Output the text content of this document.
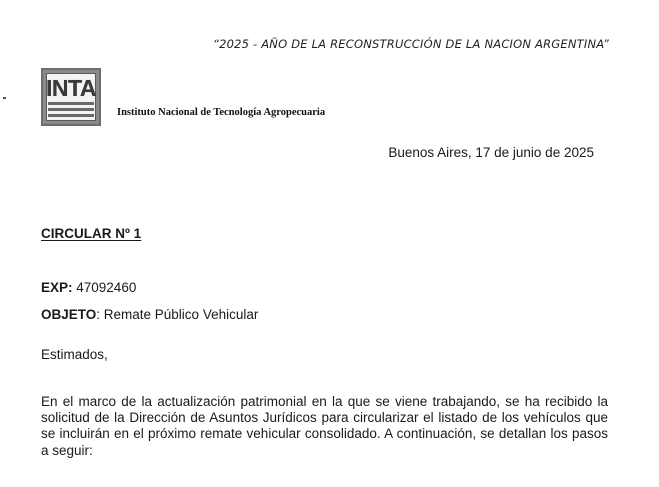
“2025 - AÑO DE LA RECONSTRUCCIÓN DE LA NACION ARGENTINA”
INTA
Instituto Nacional de Tecnología Agropecuaria
Buenos Aires, 17 de junio de 2025
CIRCULAR Nº 1
EXP: 47092460
OBJETO: Remate Público Vehicular
Estimados,
En el marco de la actualización patrimonial en la que se viene trabajando, se ha recibido la solicitud de la Dirección de Asuntos Jurídicos para circularizar el listado de los vehículos que se incluirán en el próximo remate vehicular consolidado. A continuación, se detallan los pasos a seguir:
